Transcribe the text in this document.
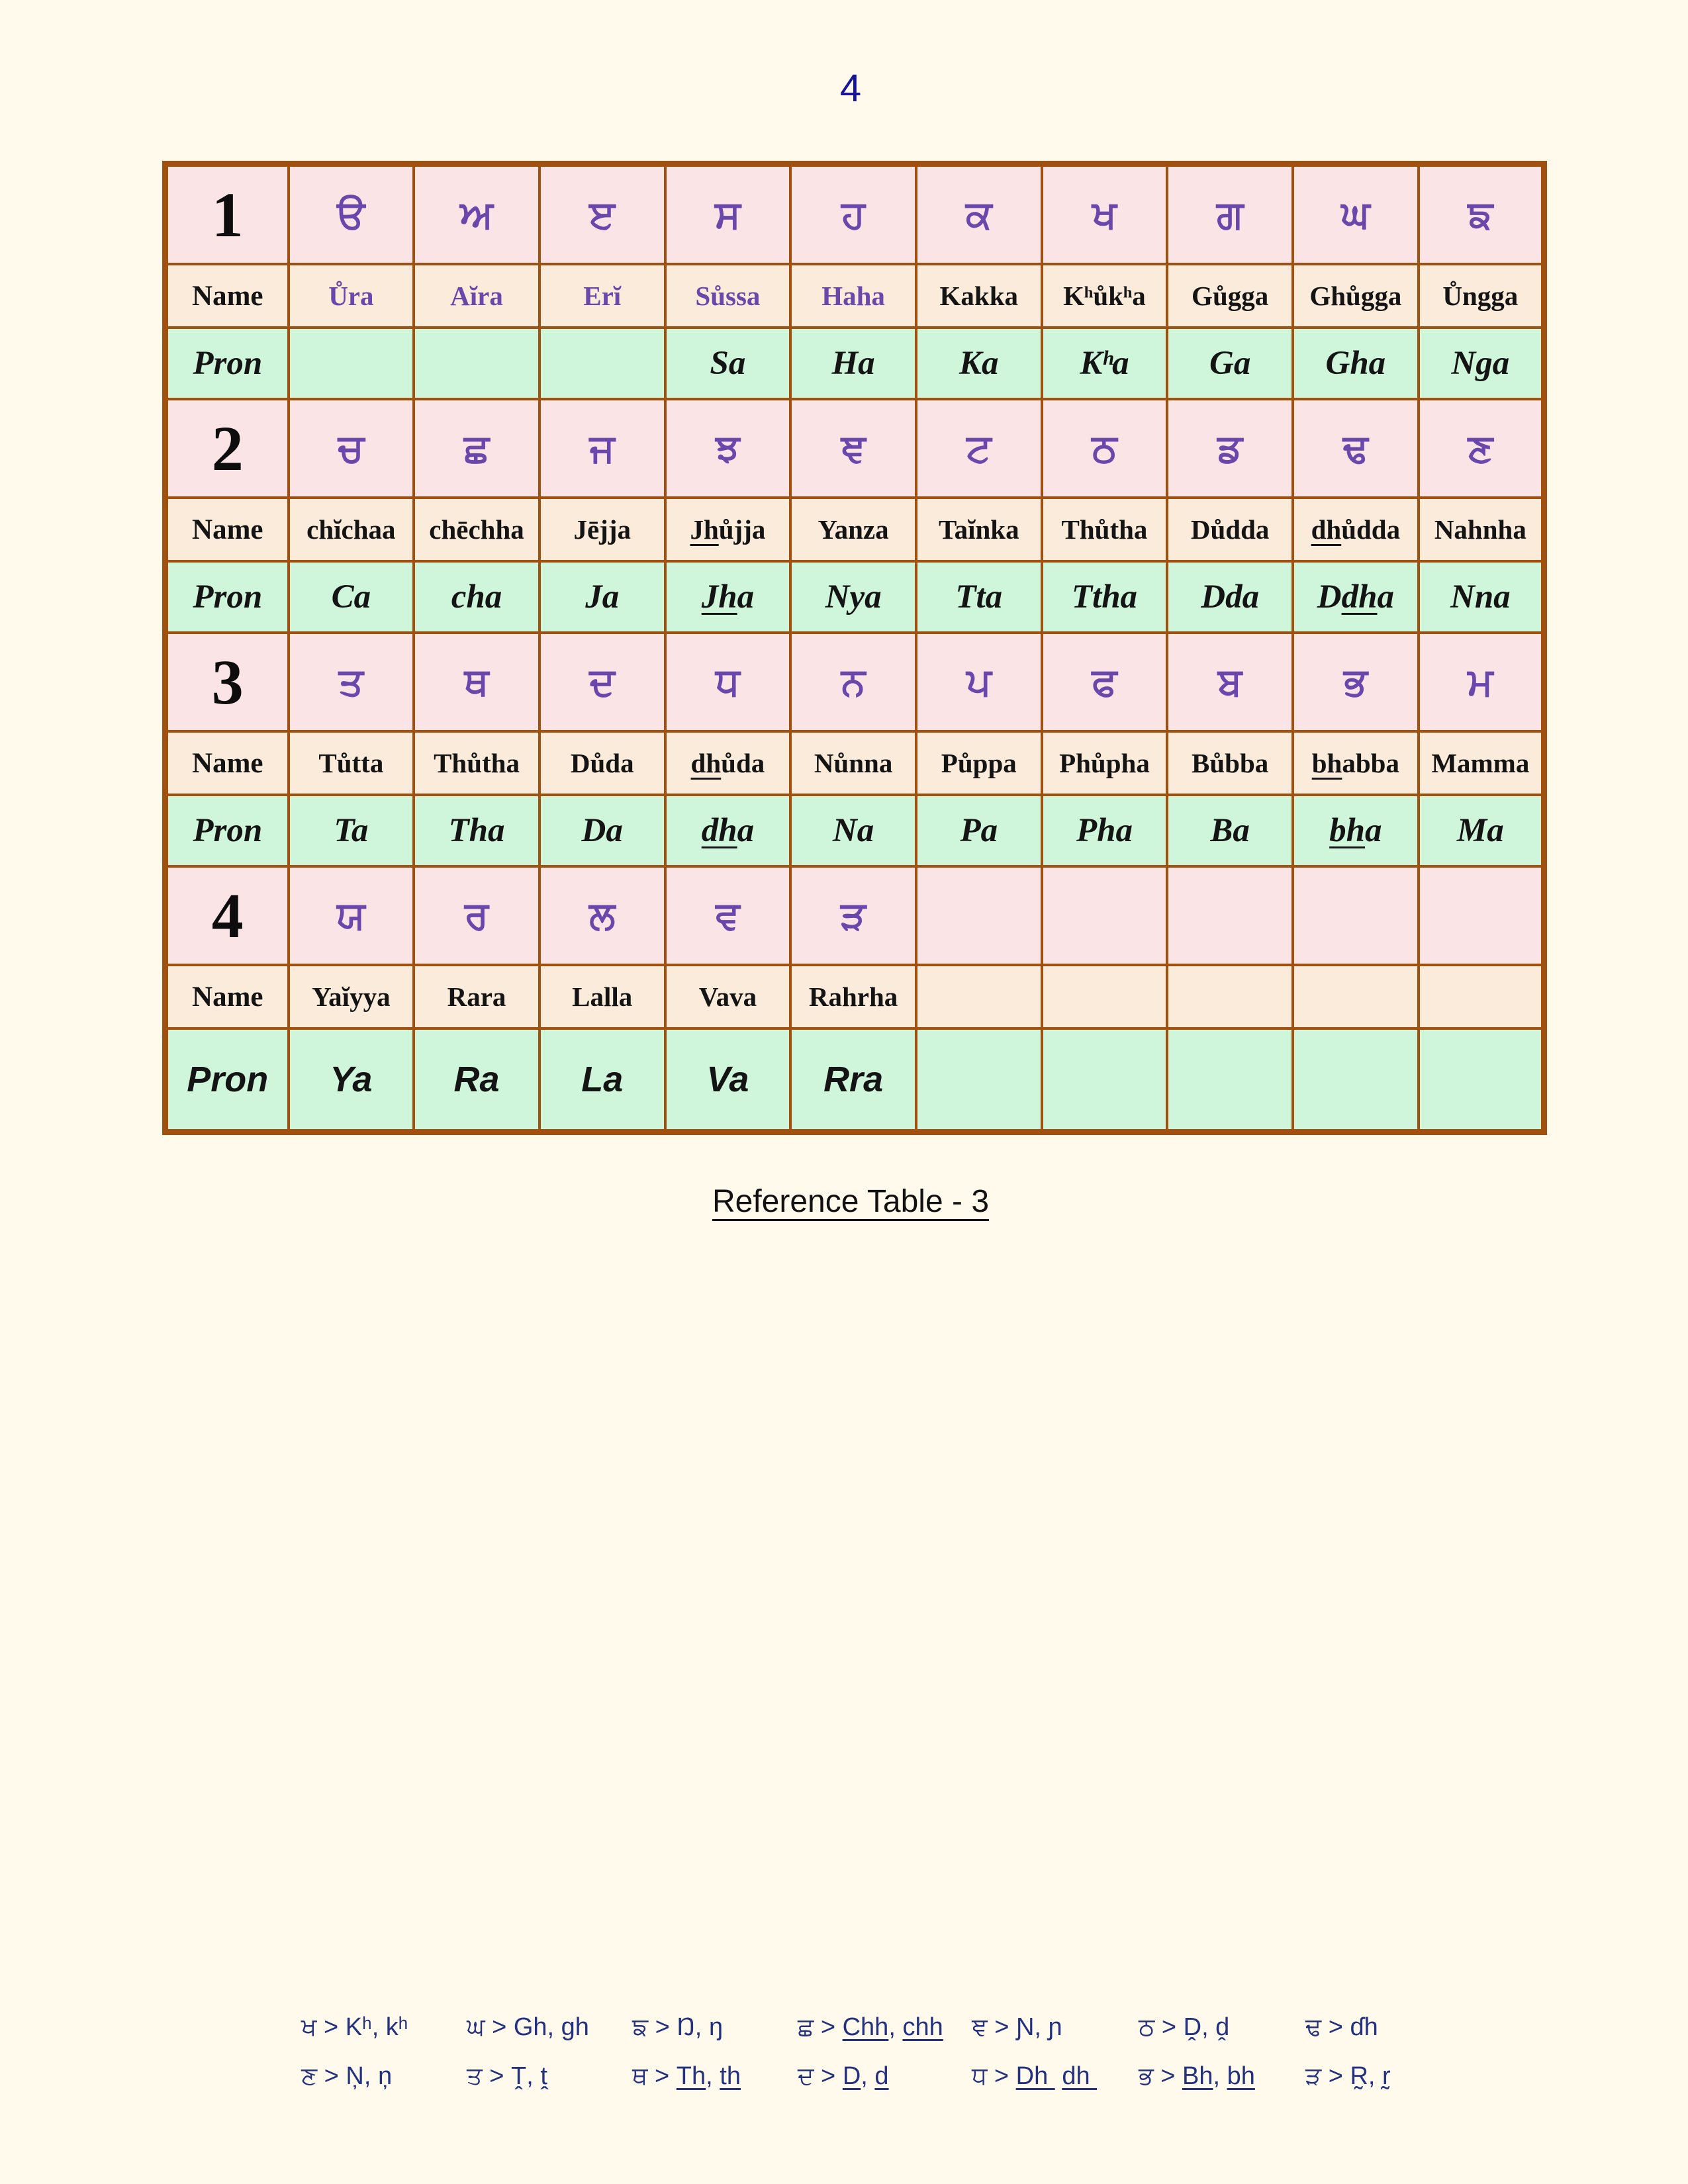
4
1	ੳ	ਅ	ੲ	ਸ	ਹ	ਕ	ਖ	ਗ	ਘ	ਙ
Name	Ůra	Aĭra	Erĭ	Sůssa	Haha	Kakka	Kʰůkʰa	Gůgga	Ghůgga	Ůngga
Pron				Sa	Ha	Ka	Kʰa	Ga	Gha	Nga
2	ਚ	ਛ	ਜ	ਝ	ਞ	ਟ	ਠ	ਡ	ਢ	ਣ
Name	chĭchaa	chēchha	Jējja	Jhůjja	Yanza	Taĭnka	Thůtha	Důdda	dhůdda	Nahnha
Pron	Ca	cha	Ja	Jha	Nya	Tta	Ttha	Dda	Ddha	Nna
3	ਤ	ਥ	ਦ	ਧ	ਨ	ਪ	ਫ	ਬ	ਭ	ਮ
Name	Tůtta	Thůtha	Důda	dhůda	Nůnna	Půppa	Phůpha	Bůbba	bhabba	Mamma
Pron	Ta	Tha	Da	dha	Na	Pa	Pha	Ba	bha	Ma
4	ਯ	ਰ	ਲ	ਵ	ੜ					
Name	Yaĭyya	Rara	Lalla	Vava	Rahrha					
Pron	Ya	Ra	La	Va	Rra					
Reference Table - 3
ਖ > Kʰ, kʰ ਘ > Gh, gh ਙ > Ŋ, ŋ	ਛ > Chh, chh ਞ > Ɲ, ɲ	ਠ > Ḓ, ḓ	ਢ > ɗh
ਣ > Ņ, ņ	ਤ > Ṱ, ṱ	ਥ > Th, th ਦ > D, d	ਧ > Dh  dh ਭ > Bh, bh ੜ > R̰, r̰
